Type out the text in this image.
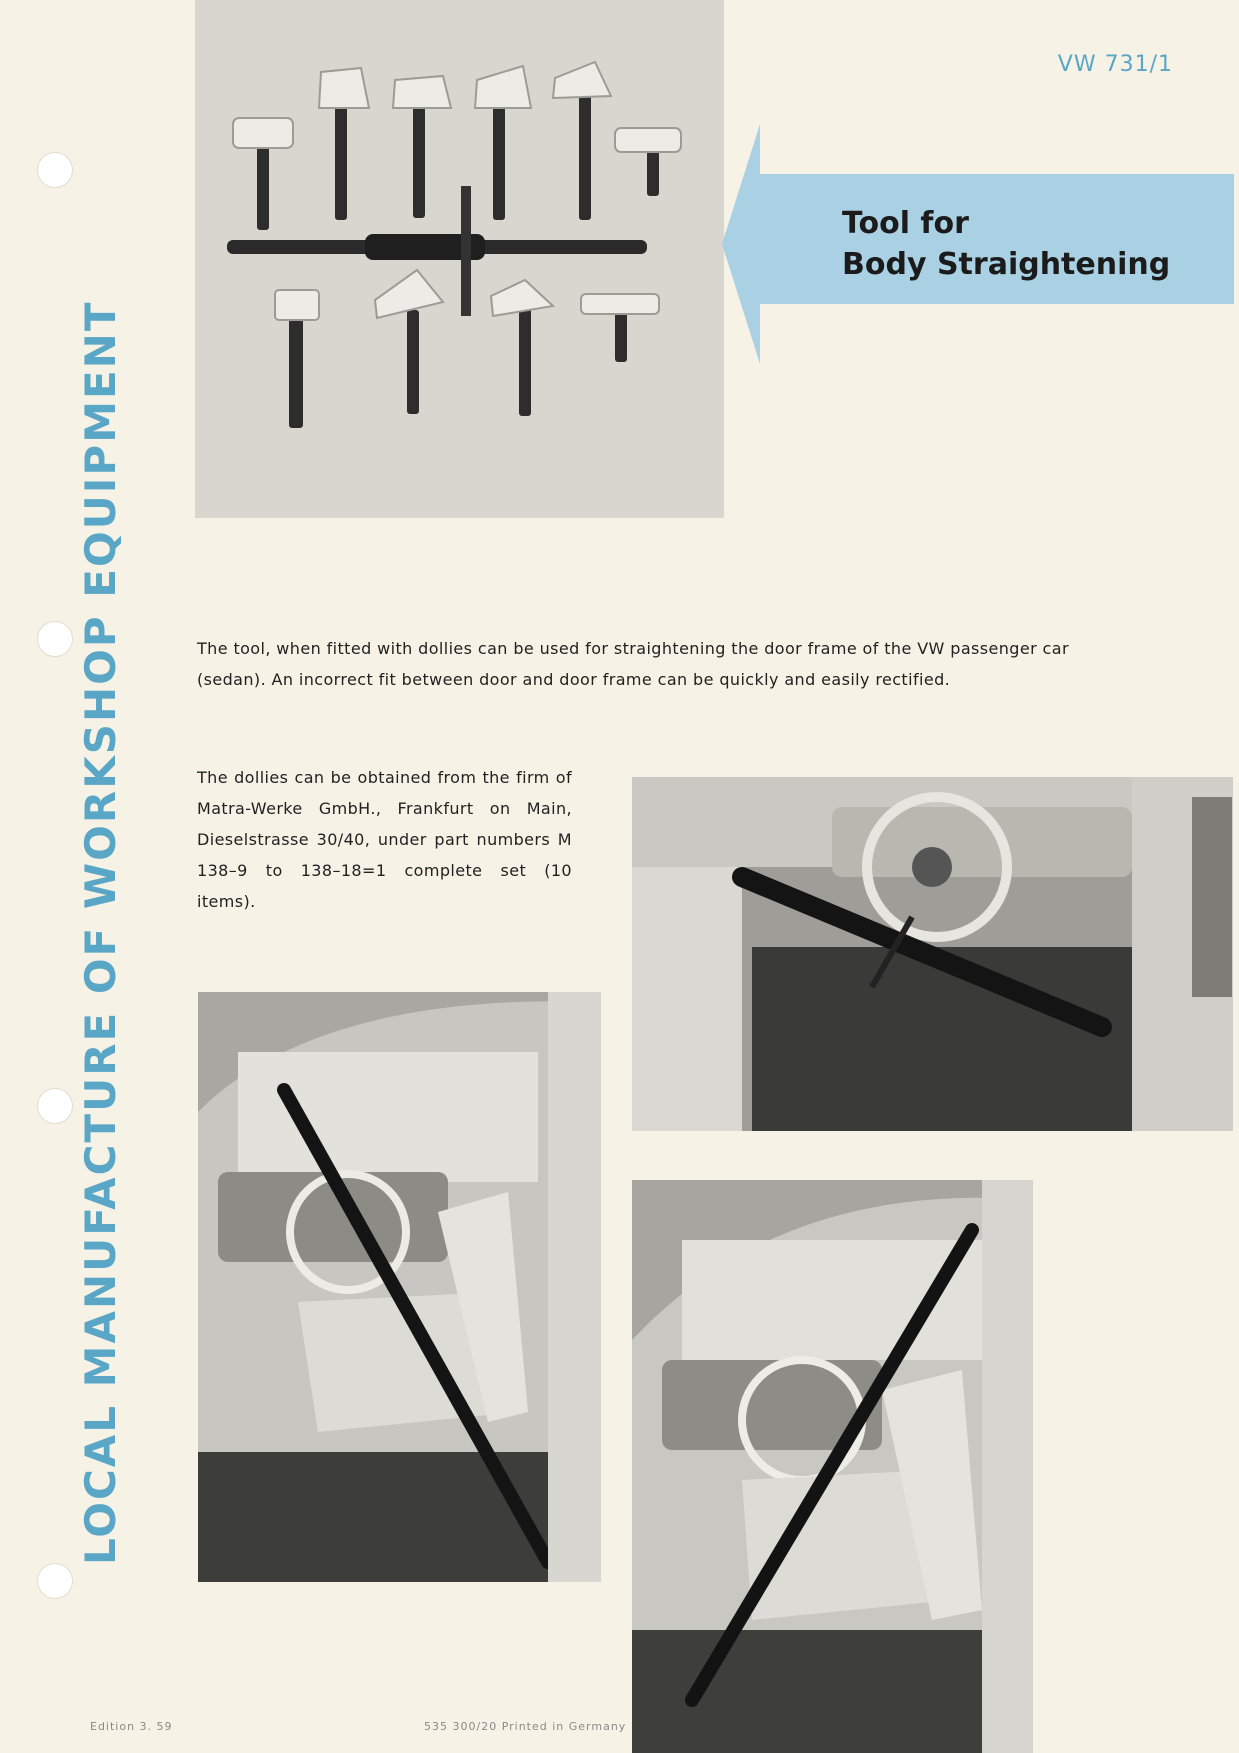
LOCAL MANUFACTURE OF WORKSHOP EQUIPMENT
VW 731/1
Tool for
Body Straightening
The tool, when fitted with dollies can be used for straightening the door frame of the VW passenger car (sedan). An incorrect fit between door and door frame can be quickly and easily rectified.
The dollies can be obtained from the firm of Matra-Werke GmbH., Frankfurt on Main, Dieselstrasse 30/40, under part numbers M 138–9 to 138–18=1 complete set (10 items).
Edition 3. 59	535 300/20 Printed in Germany
